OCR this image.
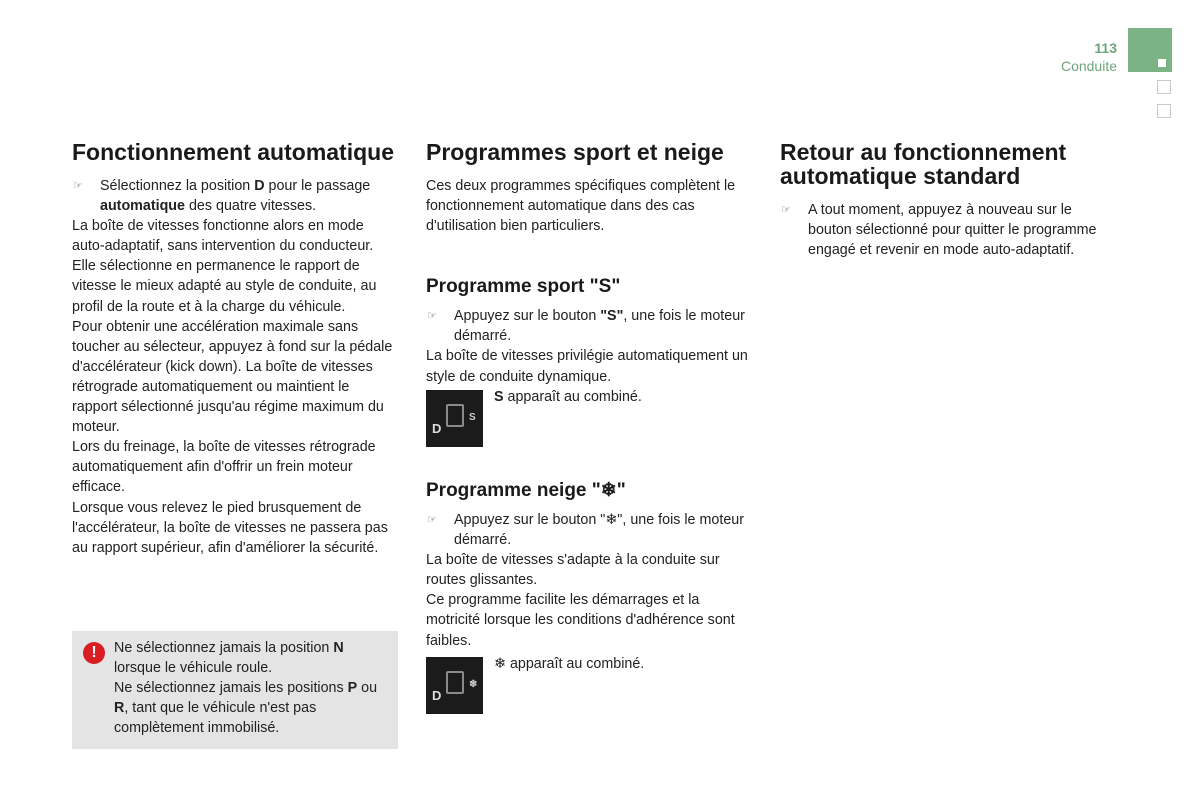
113
Conduite
Fonctionnement automatique
☞ Sélectionnez la position D pour le passage automatique des quatre vitesses.

La boîte de vitesses fonctionne alors en mode auto-adaptatif, sans intervention du conducteur. Elle sélectionne en permanence le rapport de vitesse le mieux adapté au style de conduite, au profil de la route et à la charge du véhicule.

Pour obtenir une accélération maximale sans toucher au sélecteur, appuyez à fond sur la pédale d'accélérateur (kick down). La boîte de vitesses rétrograde automatiquement ou maintient le rapport sélectionné jusqu'au régime maximum du moteur.

Lors du freinage, la boîte de vitesses rétrograde automatiquement afin d'offrir un frein moteur efficace.

Lorsque vous relevez le pied brusquement de l'accélérateur, la boîte de vitesses ne passera pas au rapport supérieur, afin d'améliorer la sécurité.

!	Ne sélectionnez jamais la position N lorsque le véhicule roule.
Ne sélectionnez jamais les positions P ou R, tant que le véhicule n'est pas complètement immobilisé.
Programmes sport et neige

Ces deux programmes spécifiques complètent le fonctionnement automatique dans des cas d'utilisation bien particuliers.

Programme sport "S"
☞ Appuyez sur le bouton "S", une fois le moteur démarré.

La boîte de vitesses privilégie automatiquement un style de conduite dynamique.

D
S
S apparaît au combiné.
Programme neige "❄"
☞ Appuyez sur le bouton "❄", une fois le moteur démarré.

La boîte de vitesses s'adapte à la conduite sur routes glissantes.

Ce programme facilite les démarrages et la motricité lorsque les conditions d'adhérence sont faibles.

D
❄
❄ apparaît au combiné.
Retour au fonctionnement automatique standard
☞ A tout moment, appuyez à nouveau sur le bouton sélectionné pour quitter le programme engagé et revenir en mode auto-adaptatif.
